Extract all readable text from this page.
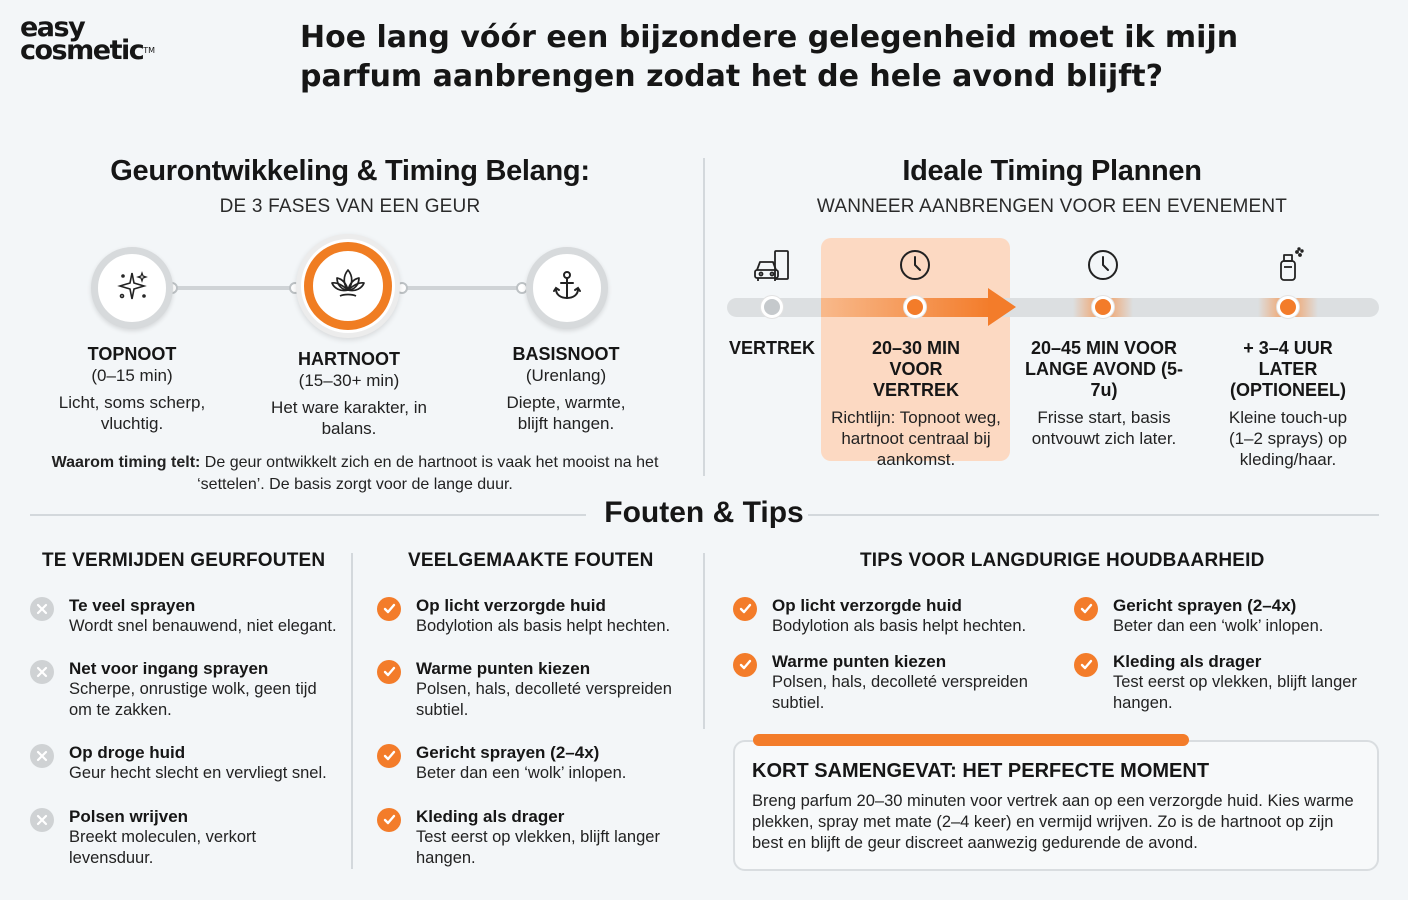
easy
cosmetic™	Hoe lang vóór een bijzondere gelegenheid moet ik mijn parfum aanbrengen zodat het de hele avond blijft?
Geurontwikkeling & Timing Belang:
DE 3 FASES VAN EEN GEUR
TOPNOOT
(0–15 min)
Licht, soms scherp, vluchtig.
HARTNOOT
(15–30+ min)
Het ware karakter, in balans.
BASISNOOT
(Urenlang)
Diepte, warmte, blijft hangen.
Waarom timing telt: De geur ontwikkelt zich en de hartnoot is vaak het mooist na het ‘settelen’. De basis zorgt voor de lange duur.
Ideale Timing Plannen
WANNEER AANBRENGEN VOOR EEN EVENEMENT
VERTREK	20–30 MIN VOOR VERTREK
Richtlijn: Topnoot weg, hartnoot centraal bij aankomst.
20–45 MIN VOOR LANGE AVOND (5-7u)
Frisse start, basis ontvouwt zich later.
+ 3–4 UUR LATER (OPTIONEEL)
Kleine touch-up (1–2 sprays) op kleding/haar.
Fouten & Tips
TE VERMIJDEN GEURFOUTEN
Te veel sprayen
Wordt snel benauwend, niet elegant.
Net voor ingang sprayen
Scherpe, onrustige wolk, geen tijd om te zakken.
Op droge huid
Geur hecht slecht en vervliegt snel.
Polsen wrijven
Breekt moleculen, verkort levensduur.
VEELGEMAAKTE FOUTEN
Op licht verzorgde huid
Bodylotion als basis helpt hechten.
Warme punten kiezen
Polsen, hals, decolleté verspreiden subtiel.
Gericht sprayen (2–4x)
Beter dan een ‘wolk’ inlopen.
Kleding als drager
Test eerst op vlekken, blijft langer hangen.
TIPS VOOR LANGDURIGE HOUDBAARHEID
Op licht verzorgde huid
Bodylotion als basis helpt hechten.
Gericht sprayen (2–4x)
Beter dan een ‘wolk’ inlopen.
Warme punten kiezen
Polsen, hals, decolleté verspreiden subtiel.
Kleding als drager
Test eerst op vlekken, blijft langer hangen.
KORT SAMENGEVAT: HET PERFECTE MOMENT
Breng parfum 20–30 minuten voor vertrek aan op een verzorgde huid. Kies warme plekken, spray met mate (2–4 keer) en vermijd wrijven. Zo is de hartnoot op zijn best en blijft de geur discreet aanwezig gedurende de avond.
